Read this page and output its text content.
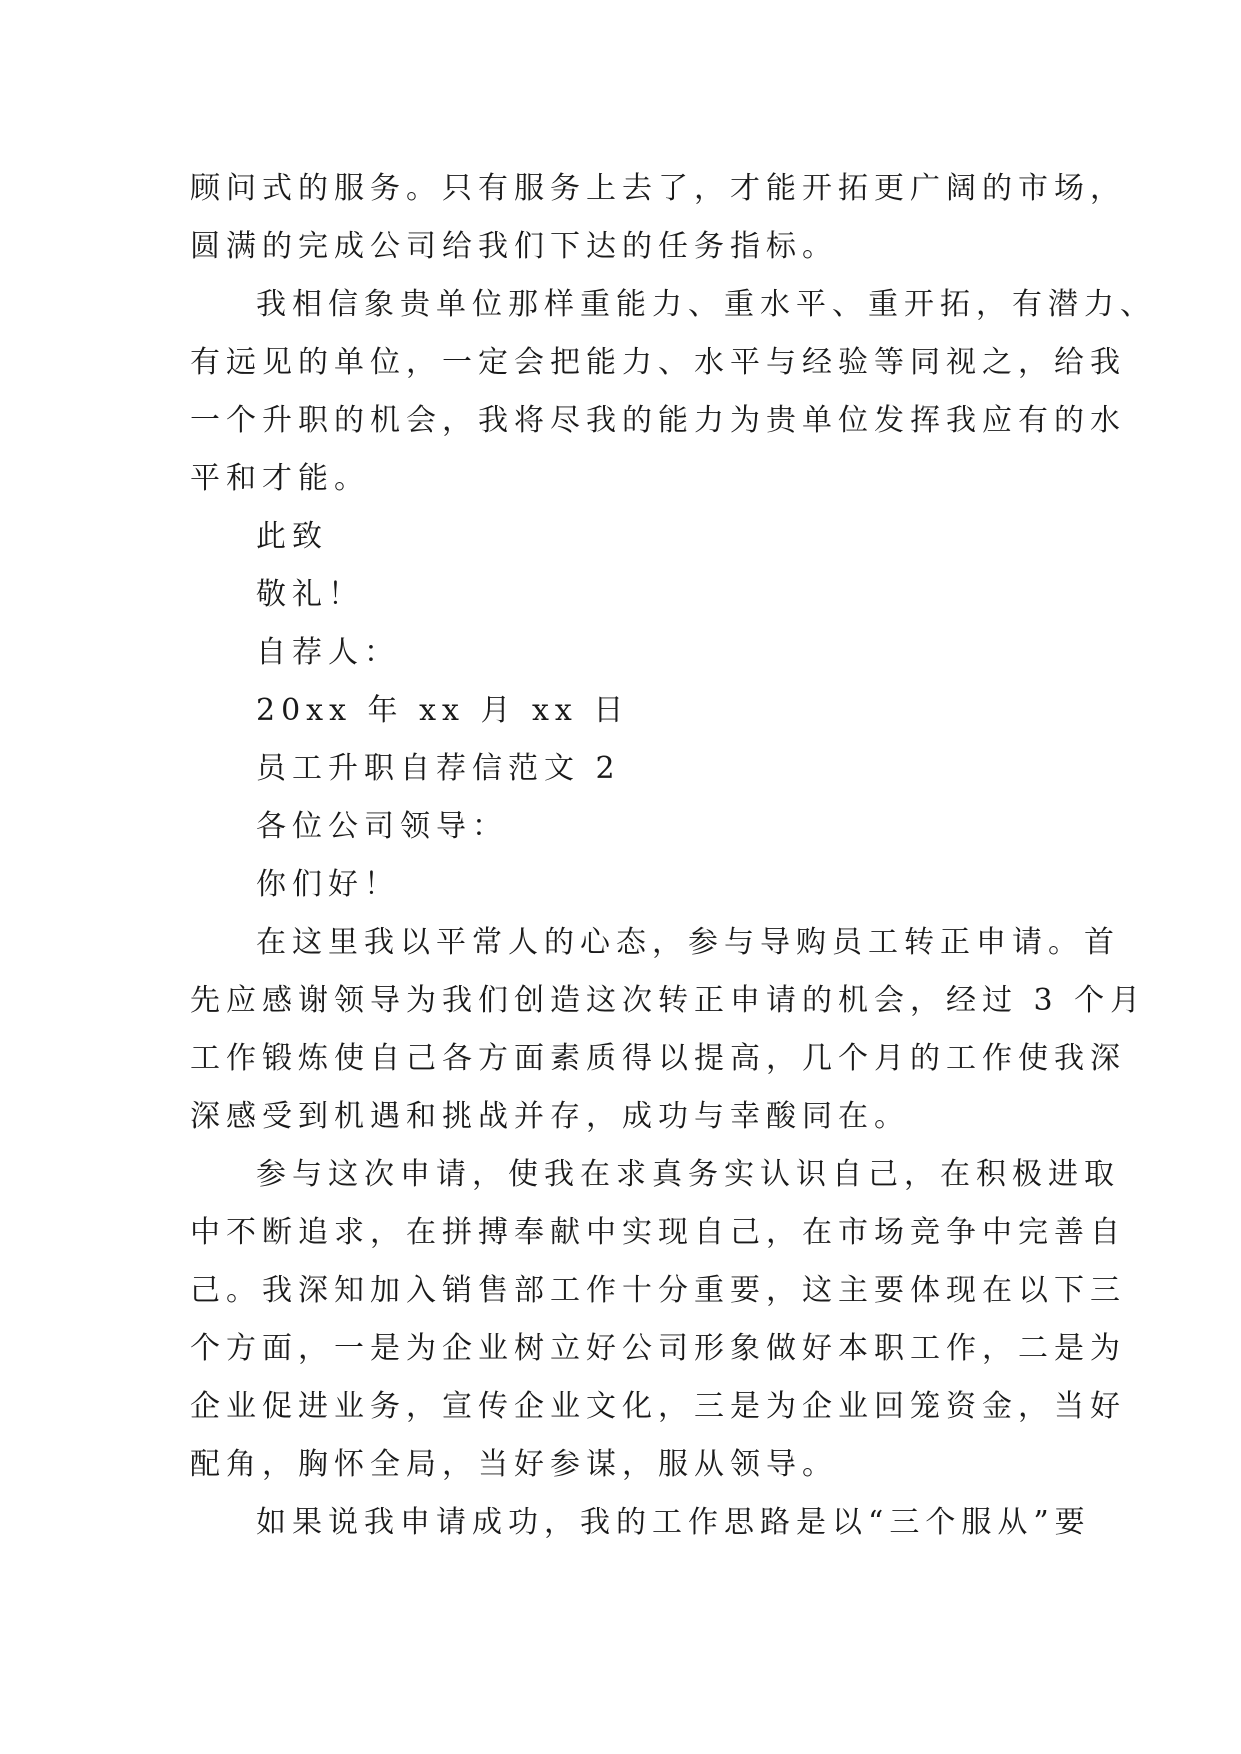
顾问式的服务。只有服务上去了，才能开拓更广阔的市场，
圆满的完成公司给我们下达的任务指标。
我相信象贵单位那样重能力、重水平、重开拓，有潜力、
有远见的单位，一定会把能力、水平与经验等同视之，给我
一个升职的机会，我将尽我的能力为贵单位发挥我应有的水
平和才能。
此致
敬礼！
自荐人：
20xx 年 xx 月 xx 日
员工升职自荐信范文 2
各位公司领导：
你们好！
在这里我以平常人的心态，参与导购员工转正申请。首
先应感谢领导为我们创造这次转正申请的机会，经过 3 个月
工作锻炼使自己各方面素质得以提高，几个月的工作使我深
深感受到机遇和挑战并存，成功与幸酸同在。
参与这次申请，使我在求真务实认识自己，在积极进取
中不断追求，在拼搏奉献中实现自己，在市场竞争中完善自
己。我深知加入销售部工作十分重要，这主要体现在以下三
个方面，一是为企业树立好公司形象做好本职工作，二是为
企业促进业务，宣传企业文化，三是为企业回笼资金，当好
配角，胸怀全局，当好参谋，服从领导。
如果说我申请成功，我的工作思路是以“三个服从”要
